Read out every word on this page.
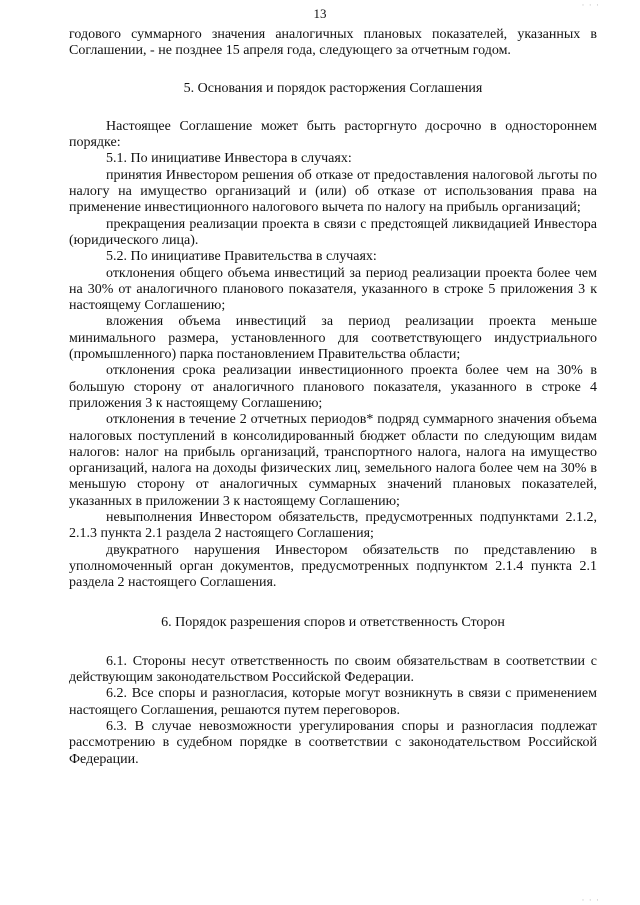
· · ·
13

годового суммарного значения аналогичных плановых показателей, указанных в Соглашении, - не позднее 15 апреля года, следующего за отчетным годом.

5. Основания и порядок расторжения Соглашения

Настоящее Соглашение может быть расторгнуто досрочно в одностороннем порядке:

5.1. По инициативе Инвестора в случаях:

принятия Инвестором решения об отказе от предоставления налоговой льготы по налогу на имущество организаций и (или) об отказе от использования права на применение инвестиционного налогового вычета по налогу на прибыль организаций;

прекращения реализации проекта в связи с предстоящей ликвидацией Инвестора (юридического лица).

5.2. По инициативе Правительства в случаях:

отклонения общего объема инвестиций за период реализации проекта более чем на 30% от аналогичного планового показателя, указанного в строке 5 приложения 3 к настоящему Соглашению;

вложения объема инвестиций за период реализации проекта меньше минимального размера, установленного для соответствующего индустриального (промышленного) парка постановлением Правительства области;

отклонения срока реализации инвестиционного проекта более чем на 30% в большую сторону от аналогичного планового показателя, указанного в строке 4 приложения 3 к настоящему Соглашению;

отклонения в течение 2 отчетных периодов* подряд суммарного значения объема налоговых поступлений в консолидированный бюджет области по следующим видам налогов: налог на прибыль организаций, транспортного налога, налога на имущество организаций, налога на доходы физических лиц, земельного налога более чем на 30% в меньшую сторону от аналогичных суммарных значений плановых показателей, указанных в приложении 3 к настоящему Соглашению;

невыполнения Инвестором обязательств, предусмотренных подпунктами 2.1.2, 2.1.3 пункта 2.1 раздела 2 настоящего Соглашения;

двукратного нарушения Инвестором обязательств по представлению в уполномоченный орган документов, предусмотренных подпунктом 2.1.4 пункта 2.1 раздела 2 настоящего Соглашения.

6. Порядок разрешения споров и ответственность Сторон

6.1. Стороны несут ответственность по своим обязательствам в соответствии с действующим законодательством Российской Федерации.

6.2. Все споры и разногласия, которые могут возникнуть в связи с применением настоящего Соглашения, решаются путем переговоров.

6.3. В случае невозможности урегулирования споры и разногласия подлежат рассмотрению в судебном порядке в соответствии с законодательством Российской Федерации.

· · ·
